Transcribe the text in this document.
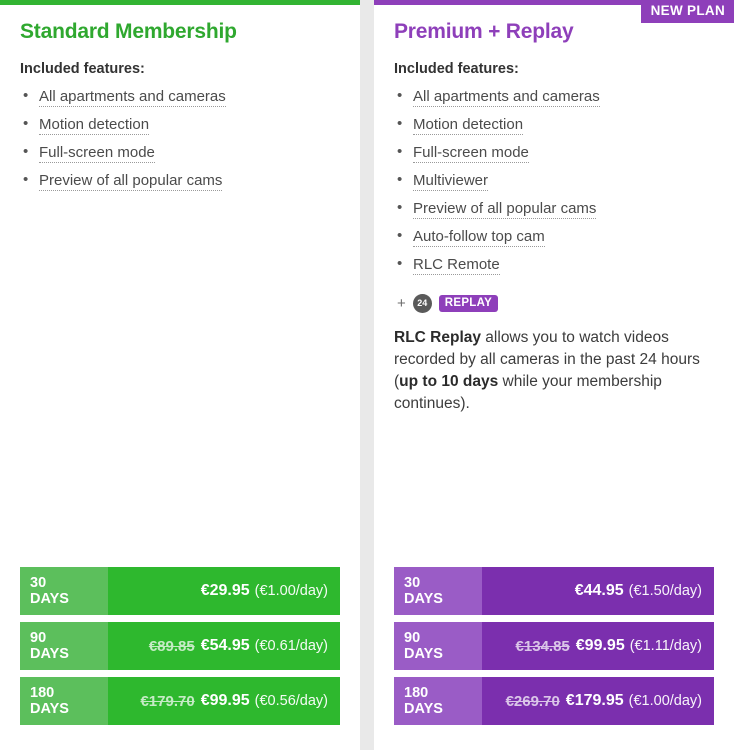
Standard Membership

Included features:

• All apartments and cameras
• Motion detection
• Full-screen mode
• Preview of all popular cams
30
DAYS	€29.95 (€1.00/day)
90
DAYS	€89.85 €54.95 (€0.61/day)
180
DAYS	€179.70 €99.95 (€0.56/day)
NEW PLAN
Premium + Replay

Included features:

• All apartments and cameras
• Motion detection
• Full-screen mode
• Multiviewer
• Preview of all popular cams
• Auto-follow top cam
• RLC Remote
+	24	REPLAY

RLC Replay allows you to watch videos recorded by all cameras in the past 24 hours (up to 10 days while your membership continues).

30
DAYS	€44.95 (€1.50/day)
90
DAYS	€134.85 €99.95 (€1.11/day)
180
DAYS	€269.70 €179.95 (€1.00/day)
